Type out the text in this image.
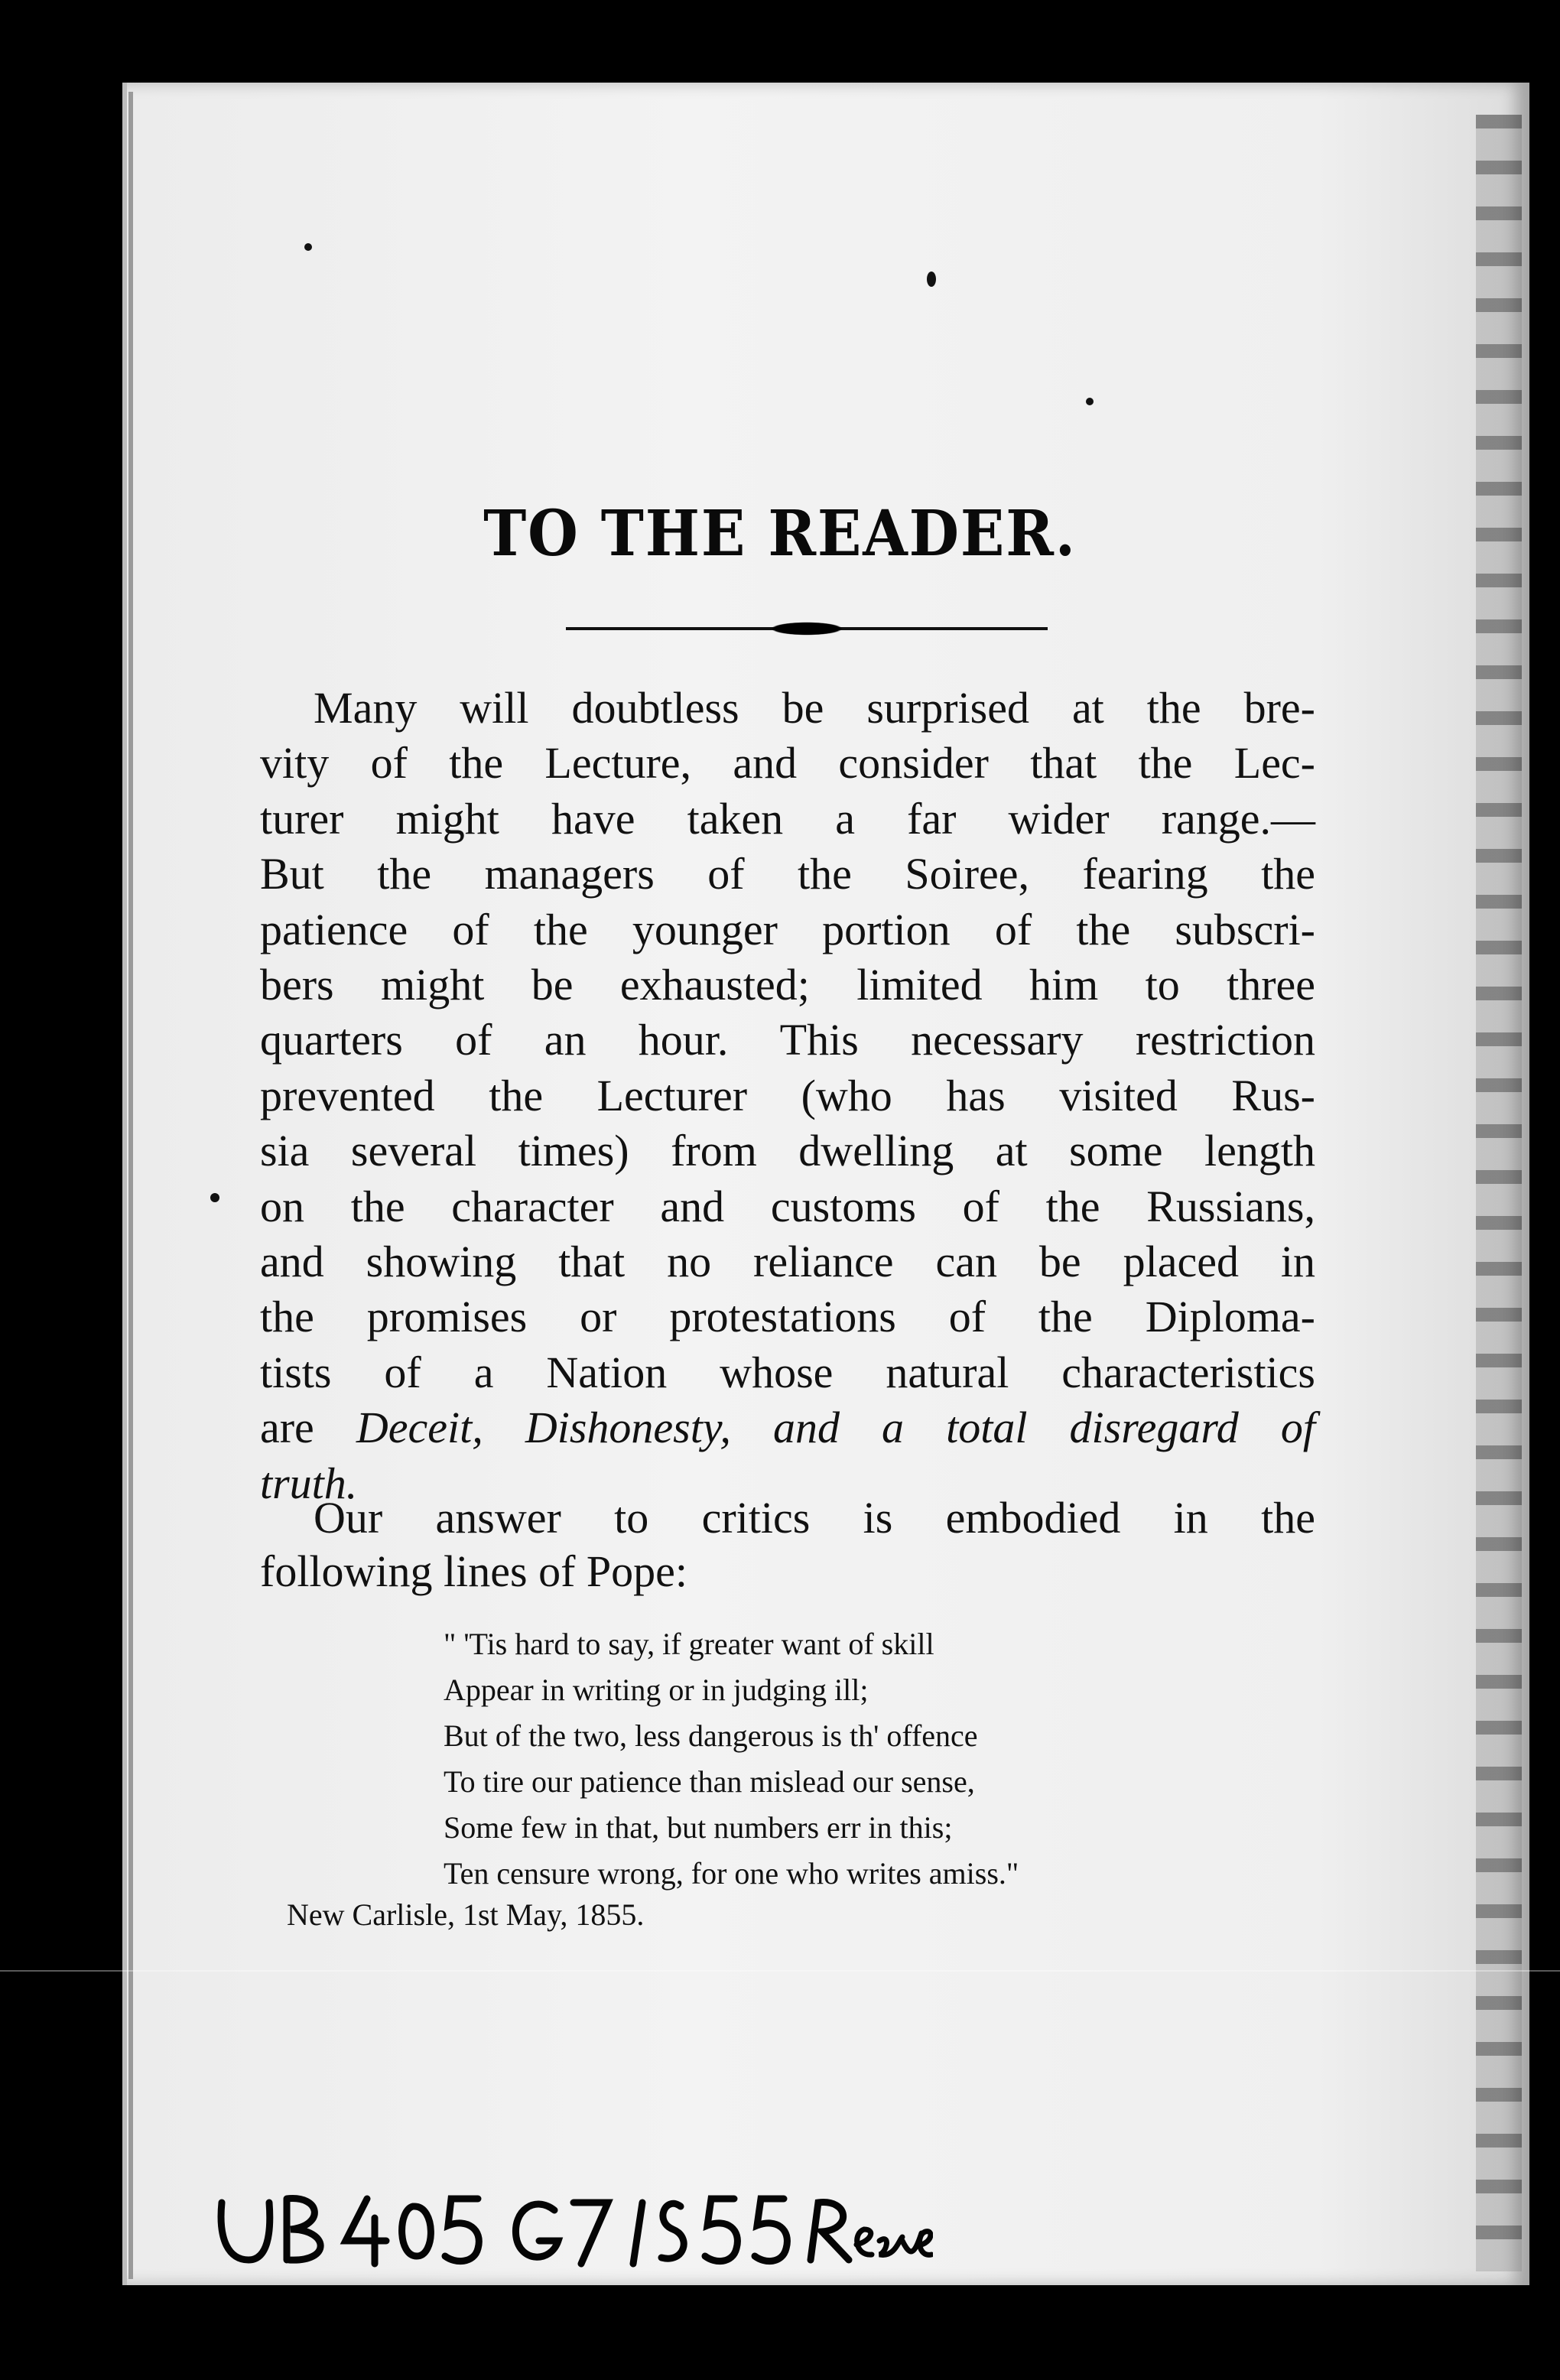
TO THE READER.
Many will doubtless be surprised at the bre-
vity of the Lecture, and consider that the Lec-
turer might have taken a far wider range.—
But the managers of the Soiree, fearing the
patience of the younger portion of the subscri-
bers might be exhausted; limited him to three
quarters of an hour. This necessary restriction
prevented the Lecturer (who has visited Rus-
sia several times) from dwelling at some length
on the character and customs of the Russians,
and showing that no reliance can be placed in
the promises or protestations of the Diploma-
tists of a Nation whose natural characteristics
are Deceit, Dishonesty, and a total disregard of
truth.
Our answer to critics is embodied in the
following lines of Pope:
" 'Tis hard to say, if greater want of skill
Appear in writing or in judging ill;
But of the two, less dangerous is th' offence
To tire our patience than mislead our sense,
Some few in that, but numbers err in this;
Ten censure wrong, for one who writes amiss."
New Carlisle, 1st May, 1855.
